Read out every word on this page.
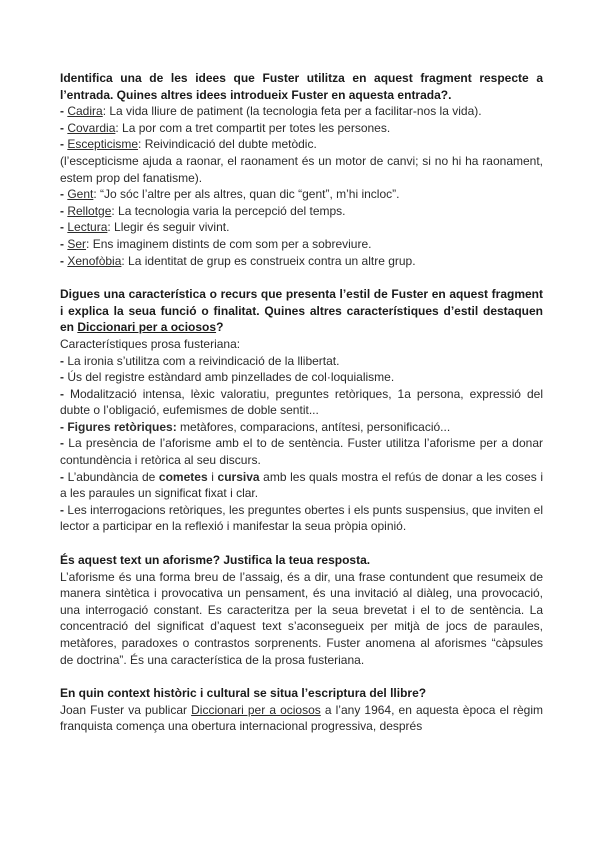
Identifica una de les idees que Fuster utilitza en aquest fragment respecte a l’entrada. Quines altres idees introdueix Fuster en aquesta entrada?.

- Cadira: La vida lliure de patiment (la tecnologia feta per a facilitar-nos la vida).

- Covardia: La por com a tret compartit per totes les persones.

- Escepticisme: Reivindicació del dubte metòdic.

(l’escepticisme ajuda a raonar, el raonament és un motor de canvi; si no hi ha raonament, estem prop del fanatisme).

- Gent: “Jo sóc l’altre per als altres, quan dic “gent”, m’hi incloc”.

- Rellotge: La tecnologia varia la percepció del temps.

- Lectura: Llegir és seguir vivint.

- Ser: Ens imaginem distints de com som per a sobreviure.

- Xenofòbia: La identitat de grup es construeix contra un altre grup.

Digues una característica o recurs que presenta l’estil de Fuster en aquest fragment i explica la seua funció o finalitat. Quines altres característiques d’estil destaquen en Diccionari per a ociosos?

Característiques prosa fusteriana:

- La ironia s’utilitza com a reivindicació de la llibertat.

- Ús del registre estàndard amb pinzellades de col·loquialisme.

- Modalització intensa, lèxic valoratiu, preguntes retòriques, 1a persona, expressió del dubte o l’obligació, eufemismes de doble sentit...

- Figures retòriques: metàfores, comparacions, antítesi, personificació...

- La presència de l’aforisme amb el to de sentència. Fuster utilitza l’aforisme per a donar contundència i retòrica al seu discurs.

- L’abundància de cometes i cursiva amb les quals mostra el refús de donar a les coses i a les paraules un significat fixat i clar.

- Les interrogacions retòriques, les preguntes obertes i els punts suspensius, que inviten el lector a participar en la reflexió i manifestar la seua pròpia opinió.

És aquest text un aforisme? Justifica la teua resposta.

L’aforisme és una forma breu de l’assaig, és a dir, una frase contundent que resumeix de manera sintètica i provocativa un pensament, és una invitació al diàleg, una provocació, una interrogació constant. Es caracteritza per la seua brevetat i el to de sentència. La concentració del significat d’aquest text s’aconsegueix per mitjà de jocs de paraules, metàfores, paradoxes o contrastos sorprenents. Fuster anomena al aforismes “càpsules de doctrina”. És una característica de la prosa fusteriana.

En quin context històric i cultural se situa l’escriptura del llibre?

Joan Fuster va publicar Diccionari per a ociosos a l’any 1964, en aquesta època el règim franquista comença una obertura internacional progressiva, després
